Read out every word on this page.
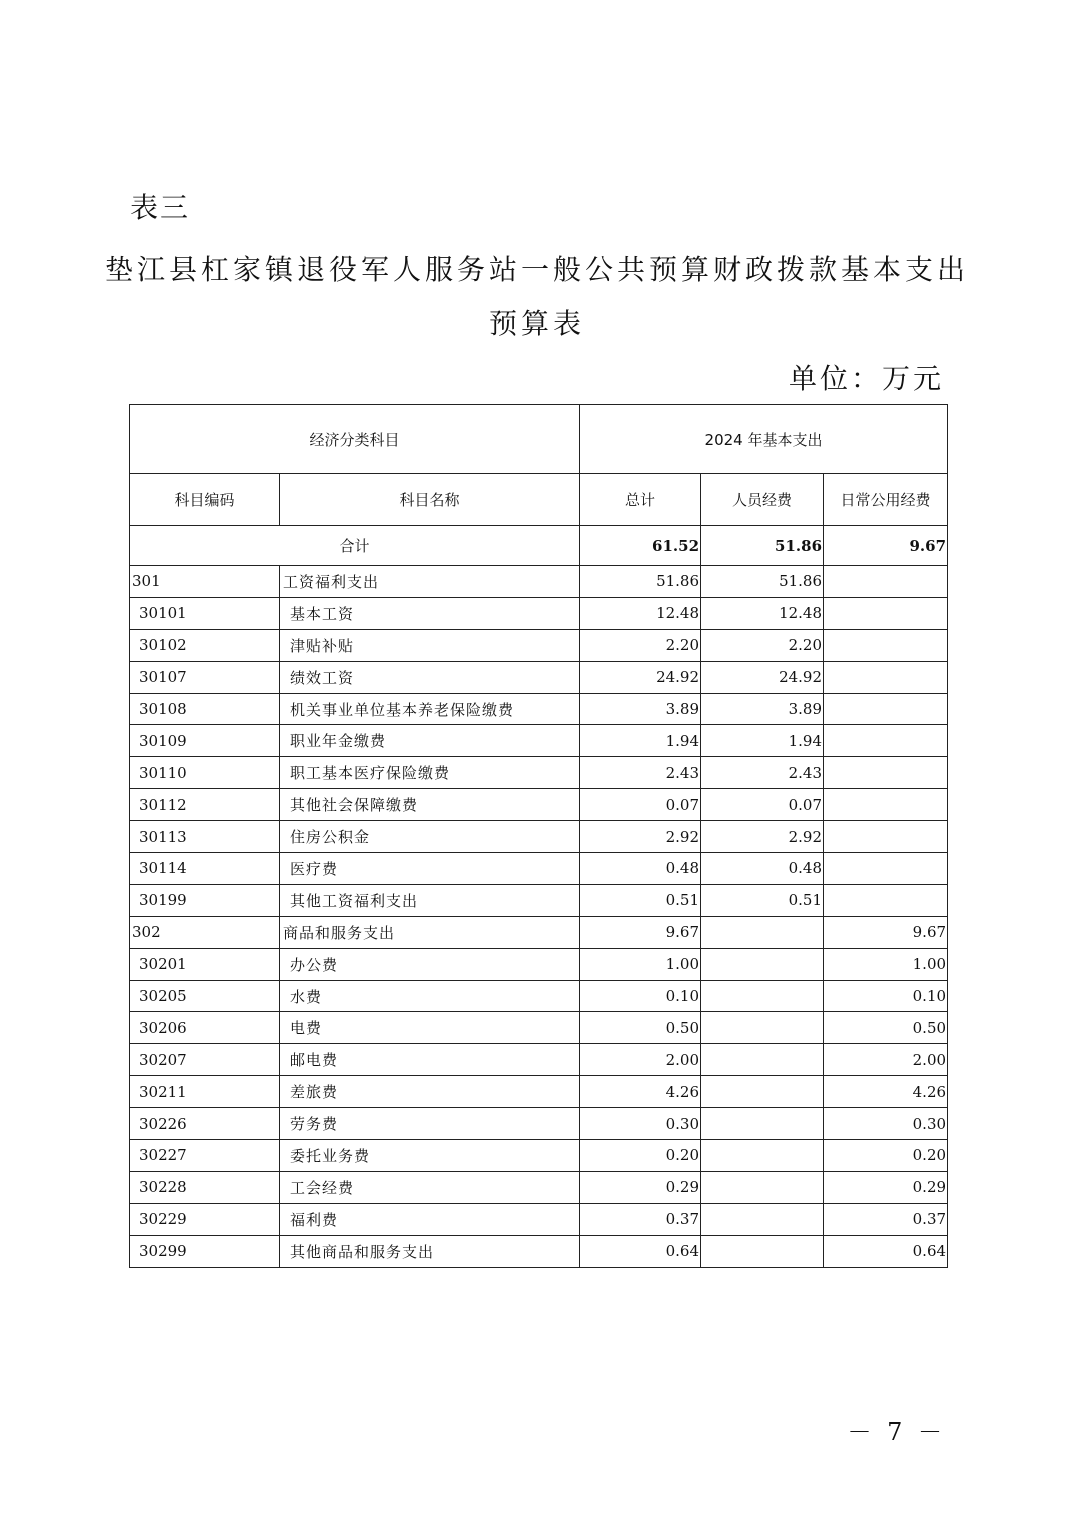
表三
垫江县杠家镇退役军人服务站一般公共预算财政拨款基本支出
预算表
单位：万元
经济分类科目		2024 年基本支出		
科目编码	科目名称	总计	人员经费	日常公用经费
合计		61.52	51.86	9.67
301	工资福利支出	51.86	51.86	
30101	基本工资	12.48	12.48	
30102	津贴补贴	2.20	2.20	
30107	绩效工资	24.92	24.92	
30108	机关事业单位基本养老保险缴费	3.89	3.89	
30109	职业年金缴费	1.94	1.94	
30110	职工基本医疗保险缴费	2.43	2.43	
30112	其他社会保障缴费	0.07	0.07	
30113	住房公积金	2.92	2.92	
30114	医疗费	0.48	0.48	
30199	其他工资福利支出	0.51	0.51	
302	商品和服务支出	9.67		9.67
30201	办公费	1.00		1.00
30205	水费	0.10		0.10
30206	电费	0.50		0.50
30207	邮电费	2.00		2.00
30211	差旅费	4.26		4.26
30226	劳务费	0.30		0.30
30227	委托业务费	0.20		0.20
30228	工会经费	0.29		0.29
30229	福利费	0.37		0.37
30299	其他商品和服务支出	0.64		0.64
－ 7 －
